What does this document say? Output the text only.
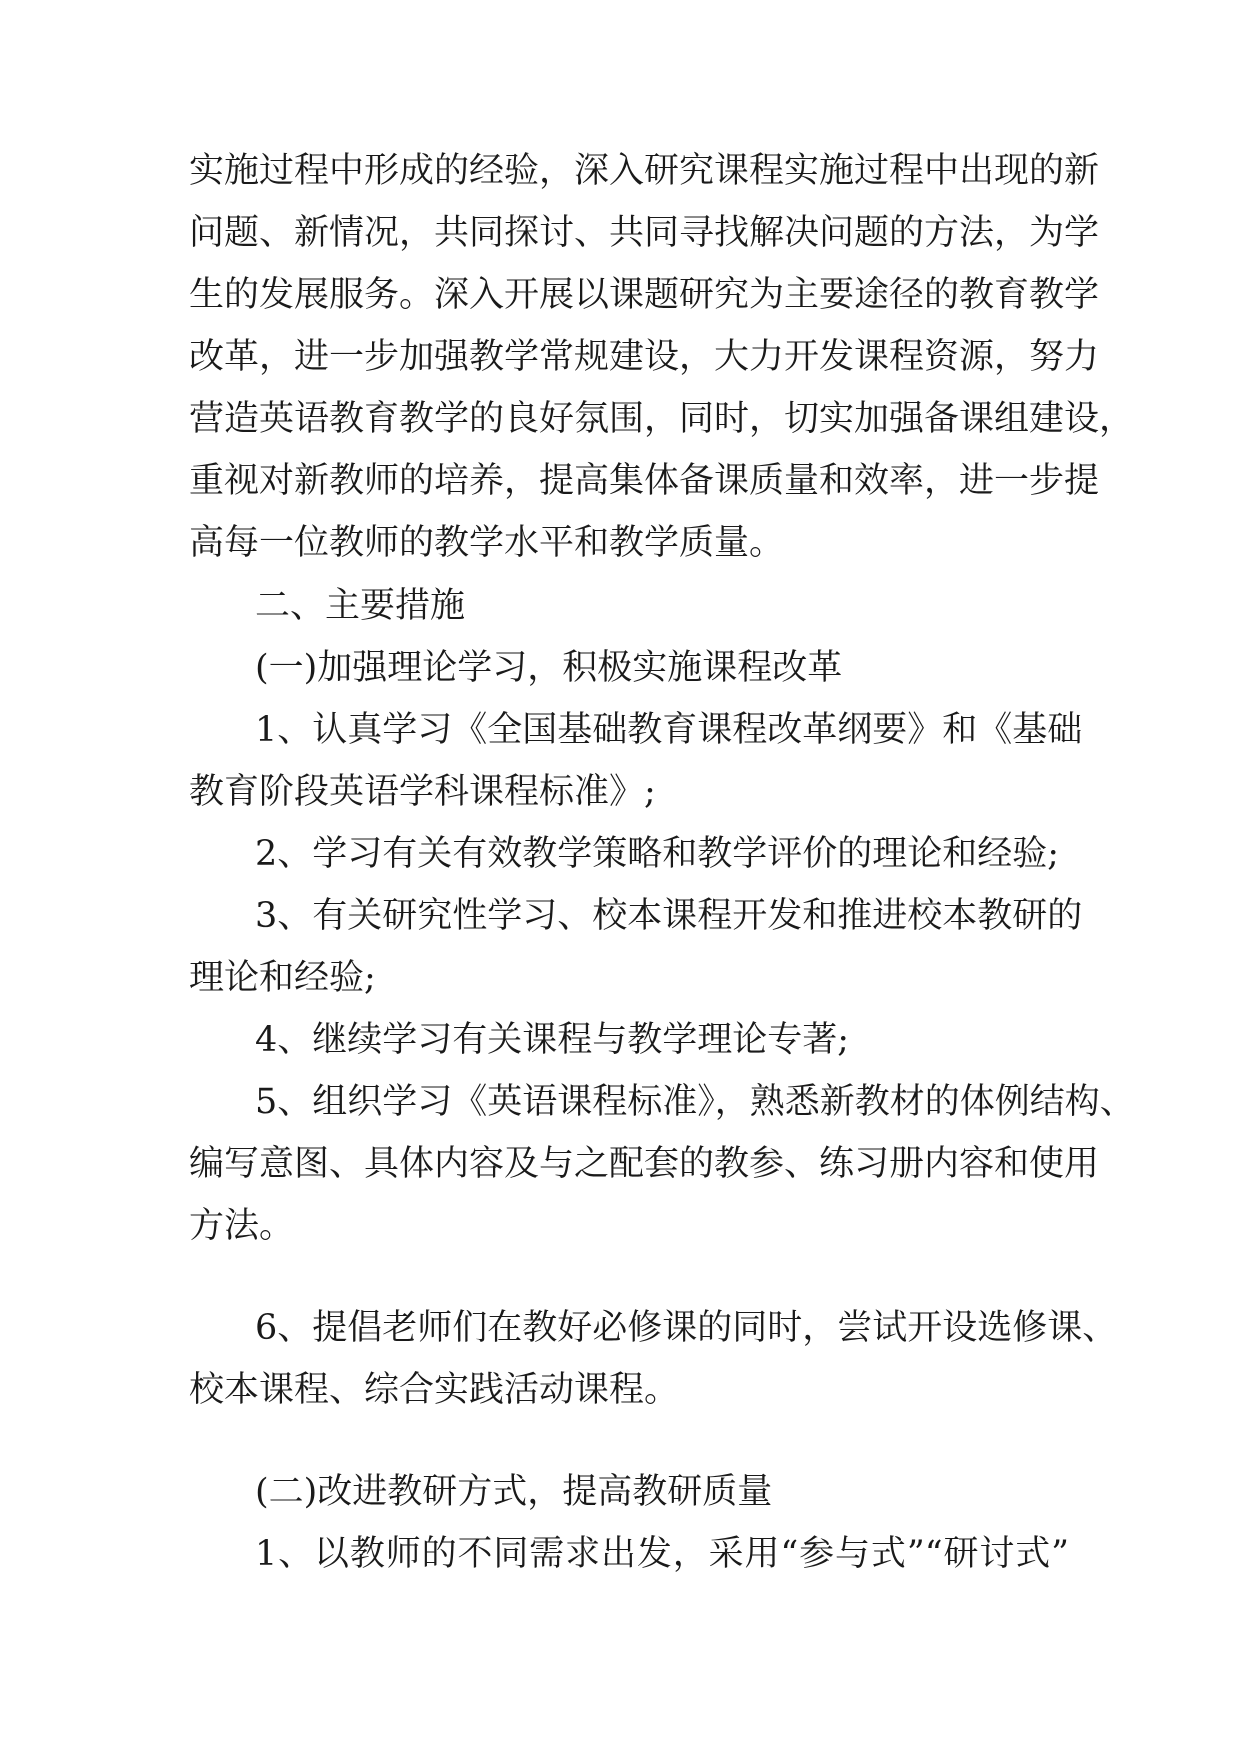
实施过程中形成的经验，深入研究课程实施过程中出现的新
问题、新情况，共同探讨、共同寻找解决问题的方法，为学
生的发展服务。深入开展以课题研究为主要途径的教育教学
改革，进一步加强教学常规建设，大力开发课程资源，努力
营造英语教育教学的良好氛围，同时，切实加强备课组建设，
重视对新教师的培养，提高集体备课质量和效率，进一步提
高每一位教师的教学水平和教学质量。
二、主要措施
(一)加强理论学习，积极实施课程改革
1、认真学习《全国基础教育课程改革纲要》和《基础
教育阶段英语学科课程标准》;
2、学习有关有效教学策略和教学评价的理论和经验;
3、有关研究性学习、校本课程开发和推进校本教研的
理论和经验;
4、继续学习有关课程与教学理论专著;
5、组织学习《英语课程标准》，熟悉新教材的体例结构、
编写意图、具体内容及与之配套的教参、练习册内容和使用
方法。
6、提倡老师们在教好必修课的同时，尝试开设选修课、
校本课程、综合实践活动课程。
(二)改进教研方式，提高教研质量
1、以教师的不同需求出发，采用“参与式”“研讨式”
